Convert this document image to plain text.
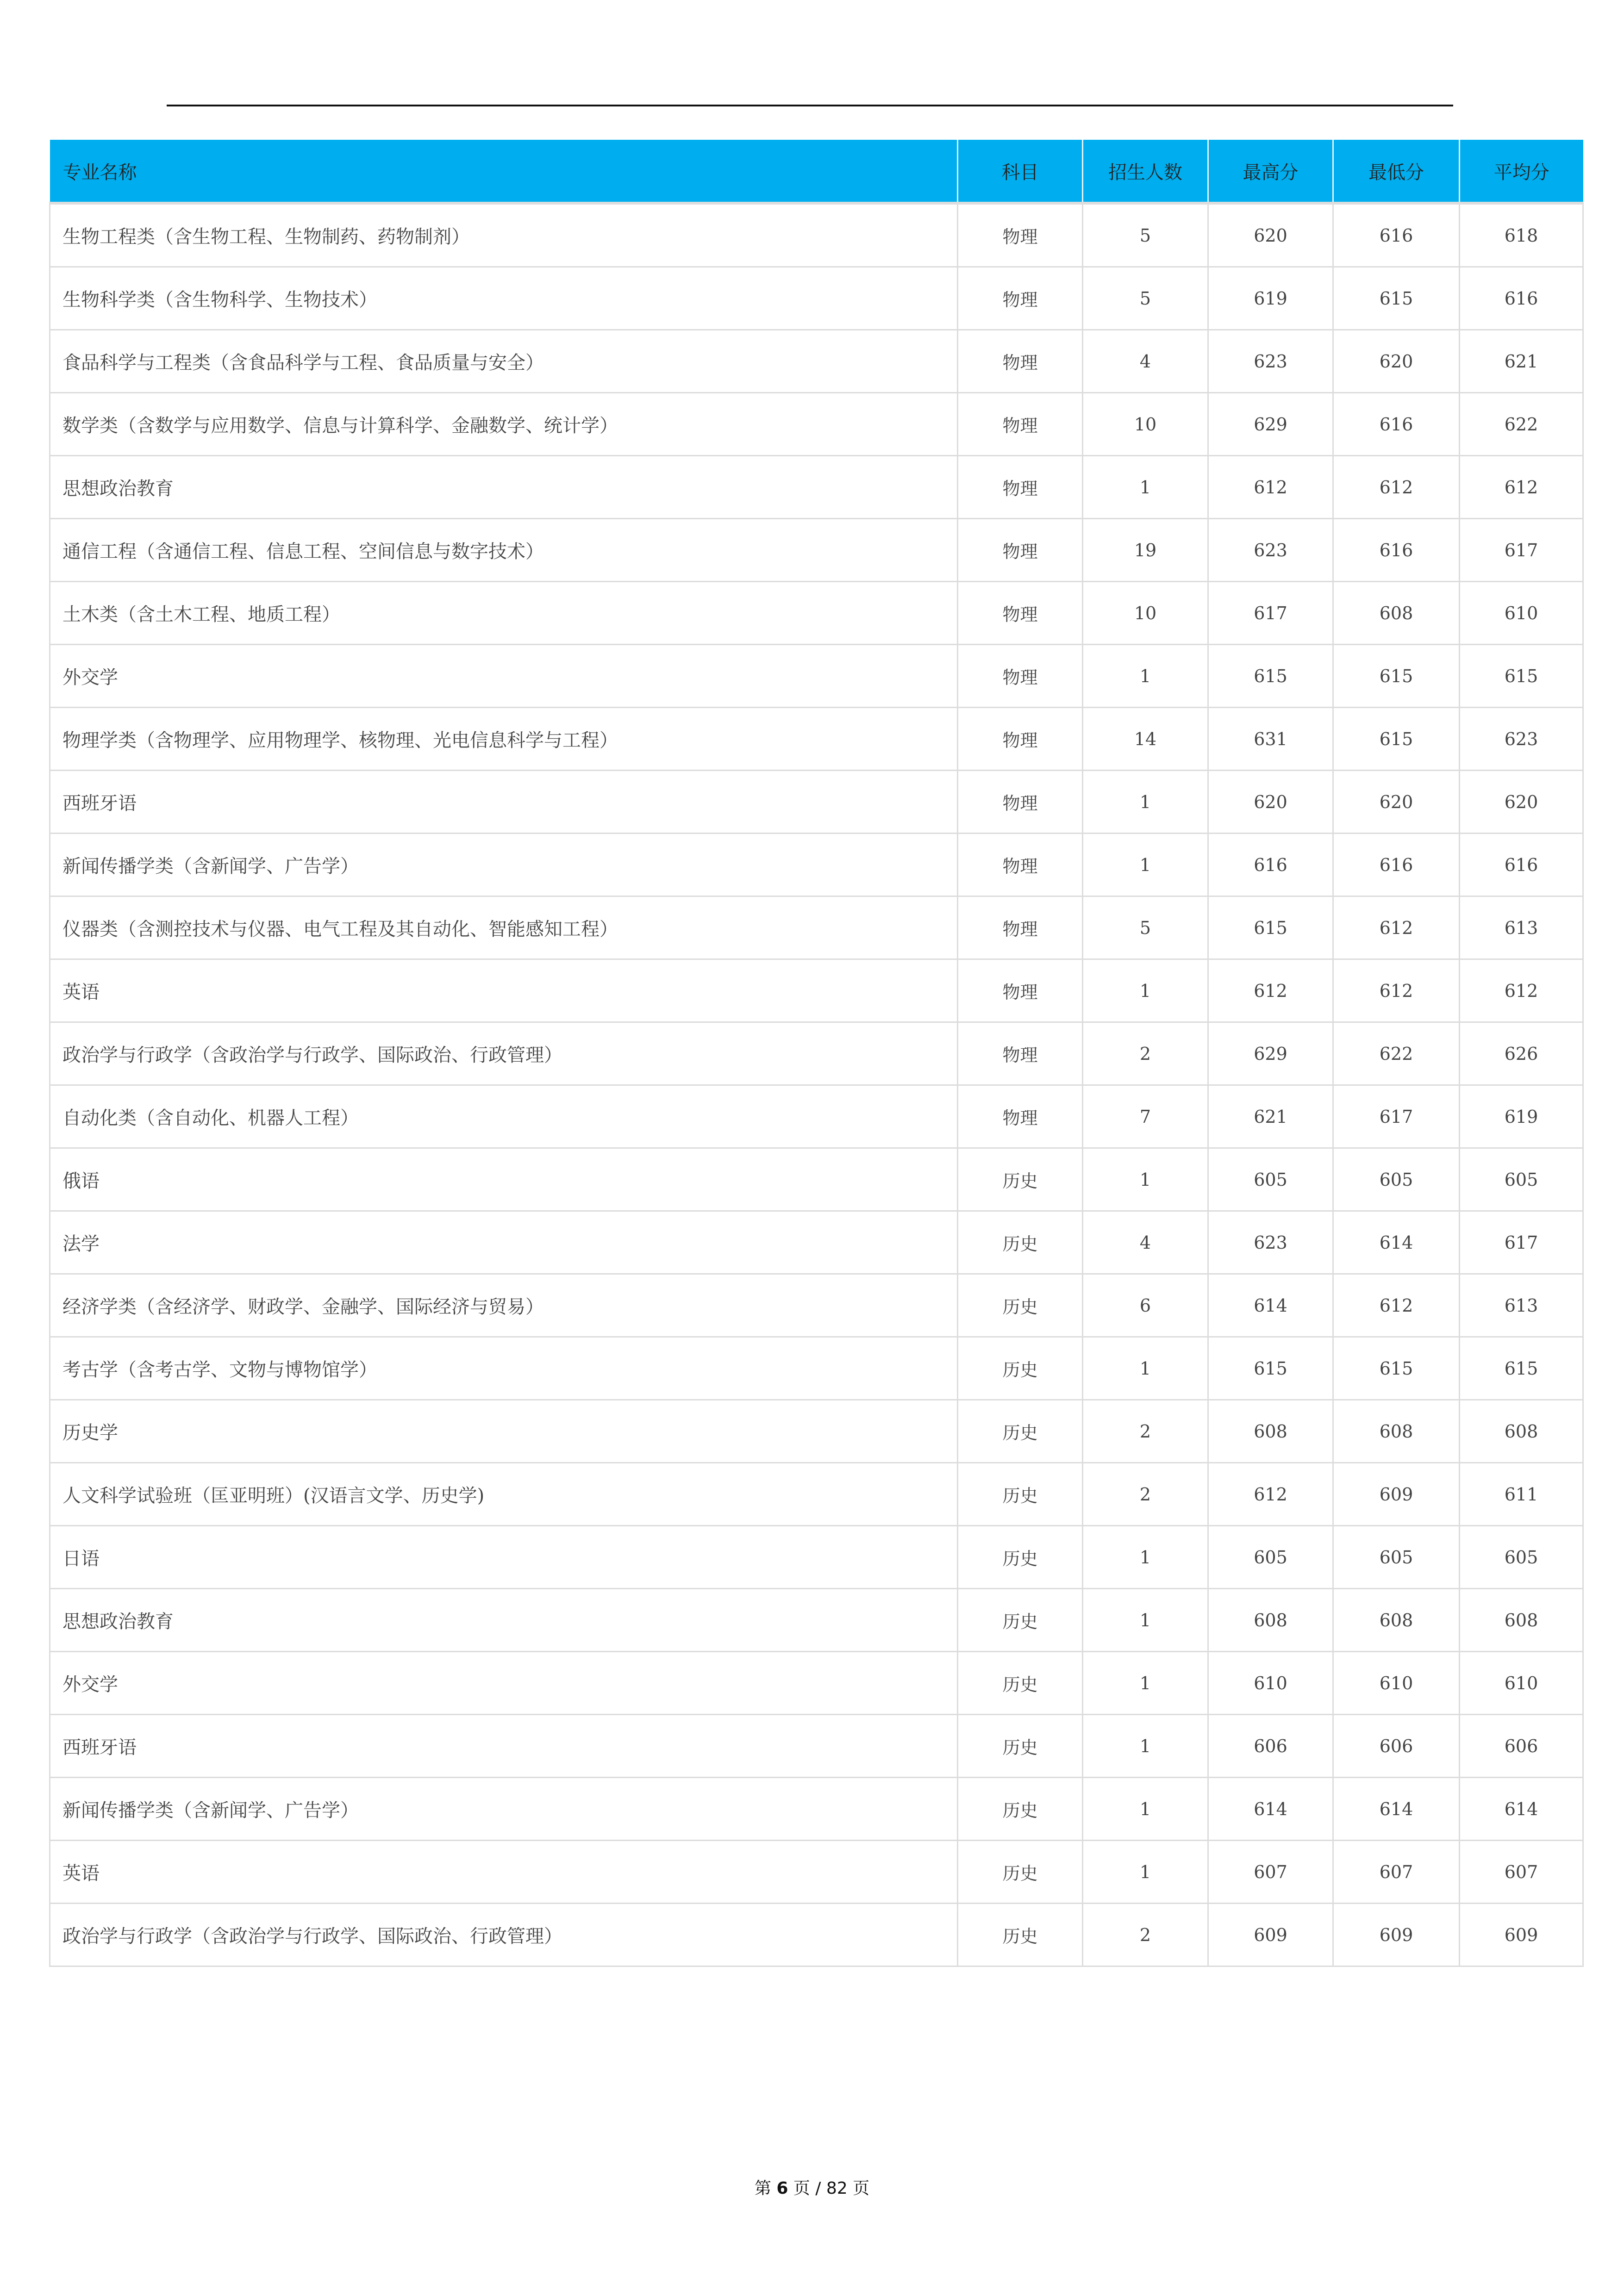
专业名称	科目	招生人数	最高分	最低分	平均分
生物工程类（含生物工程、生物制药、药物制剂）	物理	5	620	616	618
生物科学类（含生物科学、生物技术）	物理	5	619	615	616
食品科学与工程类（含食品科学与工程、食品质量与安全）	物理	4	623	620	621
数学类（含数学与应用数学、信息与计算科学、金融数学、统计学）	物理	10	629	616	622
思想政治教育	物理	1	612	612	612
通信工程（含通信工程、信息工程、空间信息与数字技术）	物理	19	623	616	617
土木类（含土木工程、地质工程）	物理	10	617	608	610
外交学	物理	1	615	615	615
物理学类（含物理学、应用物理学、核物理、光电信息科学与工程）	物理	14	631	615	623
西班牙语	物理	1	620	620	620
新闻传播学类（含新闻学、广告学）	物理	1	616	616	616
仪器类（含测控技术与仪器、电气工程及其自动化、智能感知工程）	物理	5	615	612	613
英语	物理	1	612	612	612
政治学与行政学（含政治学与行政学、国际政治、行政管理）	物理	2	629	622	626
自动化类（含自动化、机器人工程）	物理	7	621	617	619
俄语	历史	1	605	605	605
法学	历史	4	623	614	617
经济学类（含经济学、财政学、金融学、国际经济与贸易）	历史	6	614	612	613
考古学（含考古学、文物与博物馆学）	历史	1	615	615	615
历史学	历史	2	608	608	608
人文科学试验班（匡亚明班）(汉语言文学、历史学)	历史	2	612	609	611
日语	历史	1	605	605	605
思想政治教育	历史	1	608	608	608
外交学	历史	1	610	610	610
西班牙语	历史	1	606	606	606
新闻传播学类（含新闻学、广告学）	历史	1	614	614	614
英语	历史	1	607	607	607
政治学与行政学（含政治学与行政学、国际政治、行政管理）	历史	2	609	609	609
第 6 页 / 82 页
